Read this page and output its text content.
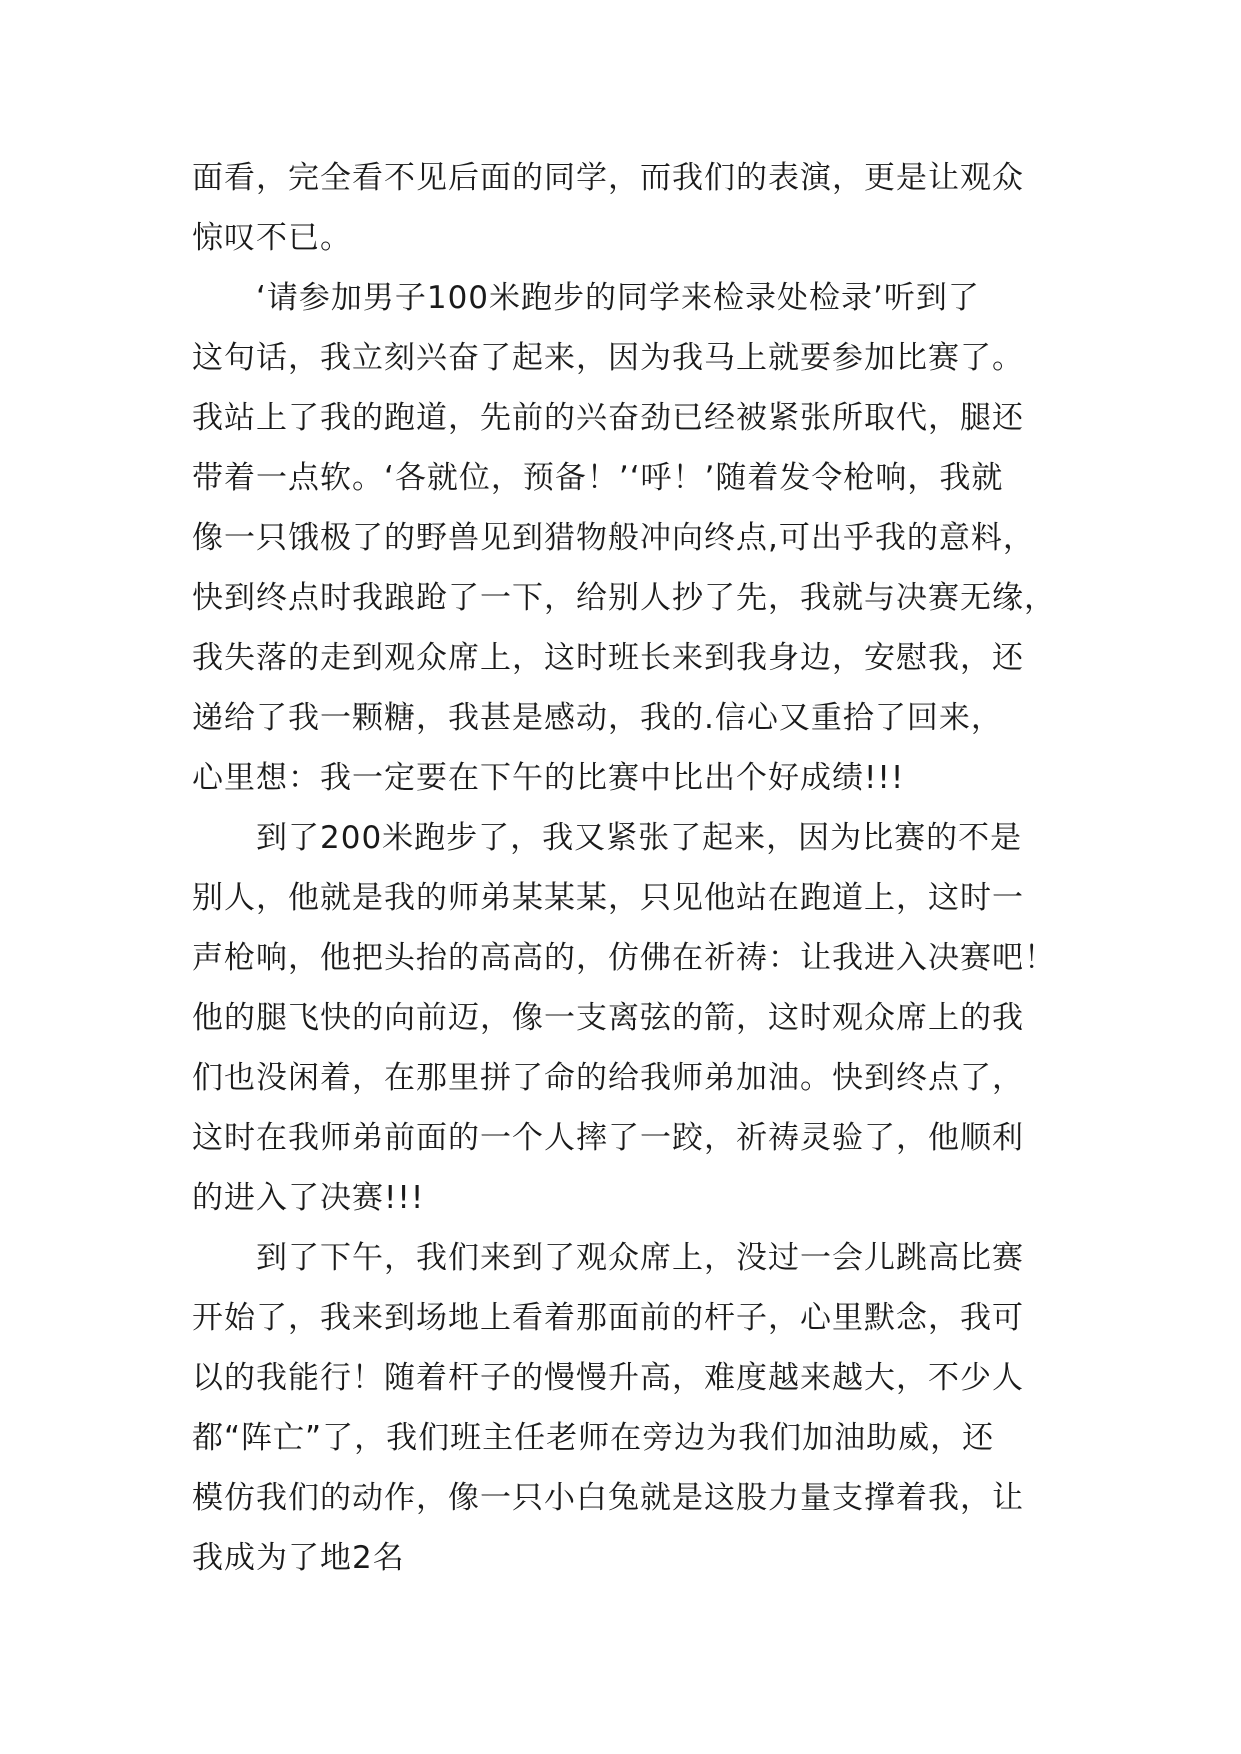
面看，完全看不见后面的同学，而我们的表演，更是让观众
惊叹不已。
‘请参加男子100米跑步的同学来检录处检录’听到了
这句话，我立刻兴奋了起来，因为我马上就要参加比赛了。
我站上了我的跑道，先前的兴奋劲已经被紧张所取代，腿还
带着一点软。‘各就位，预备！’‘呼！’随着发令枪响，我就
像一只饿极了的野兽见到猎物般冲向终点,可出乎我的意料，
快到终点时我踉跄了一下，给别人抄了先，我就与决赛无缘，
我失落的走到观众席上，这时班长来到我身边，安慰我，还
递给了我一颗糖，我甚是感动，我的.信心又重拾了回来，
心里想：我一定要在下午的比赛中比出个好成绩!!!
到了200米跑步了，我又紧张了起来，因为比赛的不是
别人，他就是我的师弟某某某，只见他站在跑道上，这时一
声枪响，他把头抬的高高的，仿佛在祈祷：让我进入决赛吧！
他的腿飞快的向前迈，像一支离弦的箭，这时观众席上的我
们也没闲着，在那里拼了命的给我师弟加油。快到终点了，
这时在我师弟前面的一个人摔了一跤，祈祷灵验了，他顺利
的进入了决赛!!!
到了下午，我们来到了观众席上，没过一会儿跳高比赛
开始了，我来到场地上看着那面前的杆子，心里默念，我可
以的我能行！随着杆子的慢慢升高，难度越来越大，不少人
都“阵亡”了，我们班主任老师在旁边为我们加油助威，还
模仿我们的动作，像一只小白兔就是这股力量支撑着我，让
我成为了地2名
